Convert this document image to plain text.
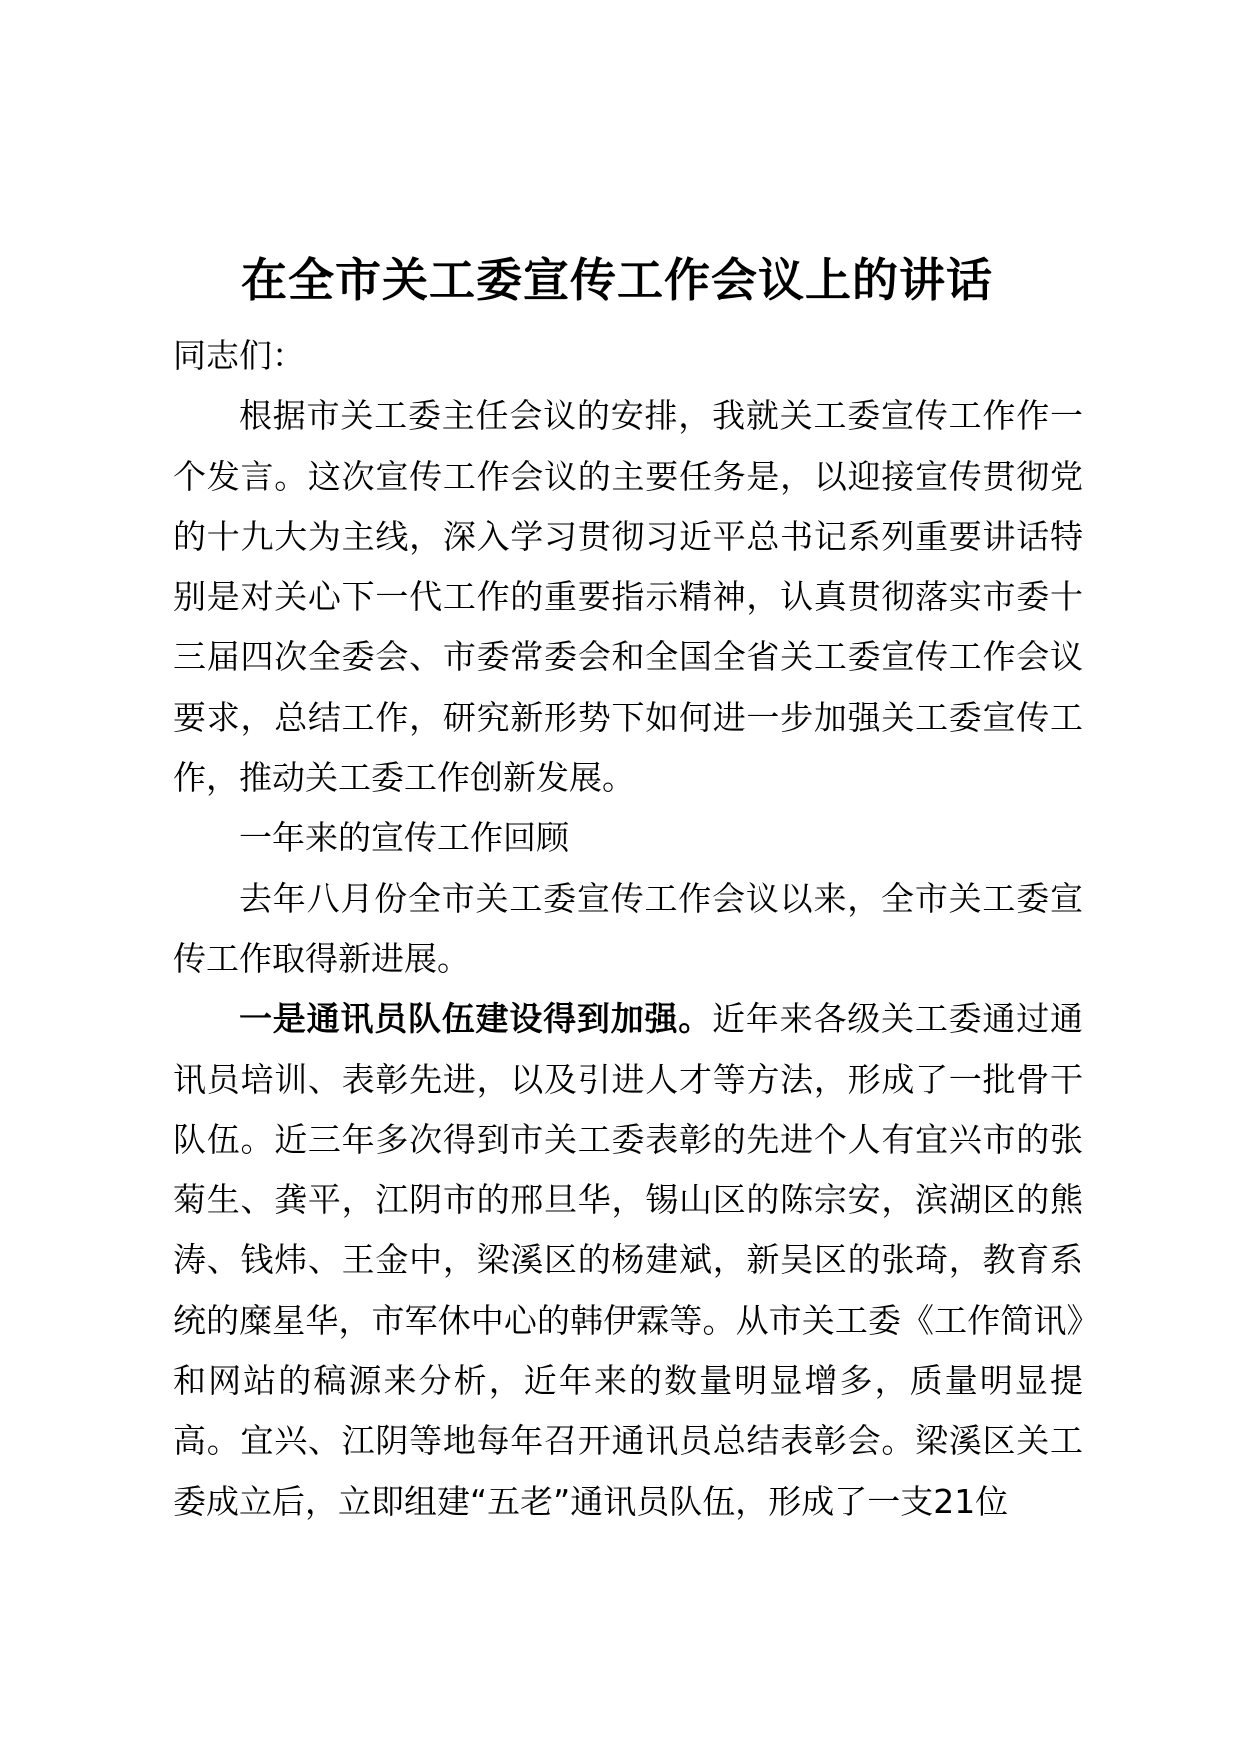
在全市关工委宣传工作会议上的讲话

同志们：

根据市关工委主任会议的安排，我就关工委宣传工作作一个发言。这次宣传工作会议的主要任务是，以迎接宣传贯彻党的十九大为主线，深入学习贯彻习近平总书记系列重要讲话特别是对关心下一代工作的重要指示精神，认真贯彻落实市委十三届四次全委会、市委常委会和全国全省关工委宣传工作会议要求，总结工作，研究新形势下如何进一步加强关工委宣传工作，推动关工委工作创新发展。

一年来的宣传工作回顾

去年八月份全市关工委宣传工作会议以来，全市关工委宣传工作取得新进展。

一是通讯员队伍建设得到加强。近年来各级关工委通过通讯员培训、表彰先进，以及引进人才等方法，形成了一批骨干队伍。近三年多次得到市关工委表彰的先进个人有宜兴市的张菊生、龚平，江阴市的邢旦华，锡山区的陈宗安，滨湖区的熊涛、钱炜、王金中，梁溪区的杨建斌，新吴区的张琦，教育系统的糜星华，市军休中心的韩伊霖等。从市关工委《工作简讯》和网站的稿源来分析，近年来的数量明显增多，质量明显提高。宜兴、江阴等地每年召开通讯员总结表彰会。梁溪区关工委成立后，立即组建“五老”通讯员队伍，形成了一支21位
